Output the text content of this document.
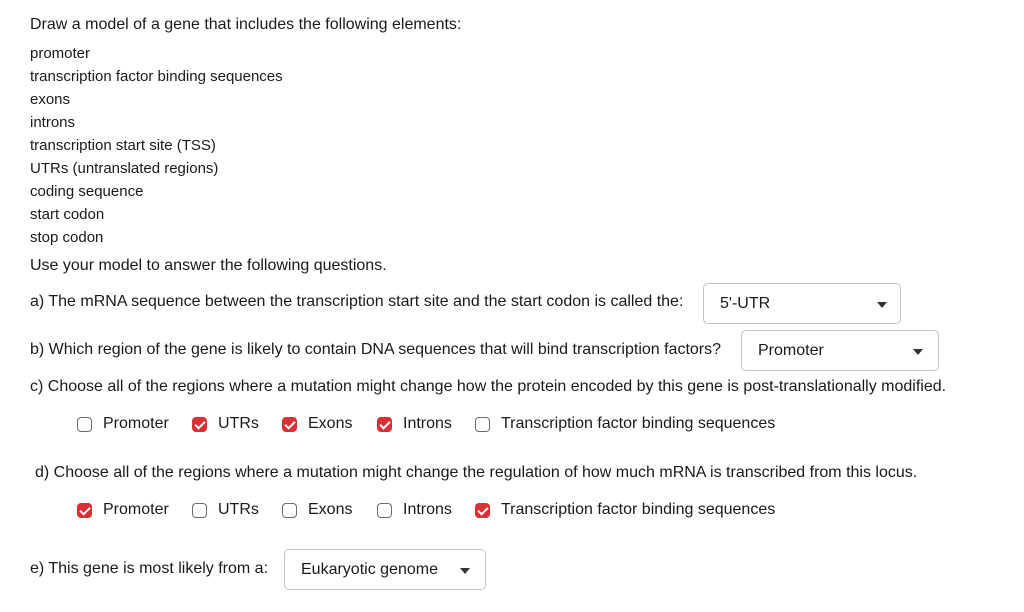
Draw a model of a gene that includes the following elements:
promoter
transcription factor binding sequences
exons
introns
transcription start site (TSS)
UTRs (untranslated regions)
coding sequence
start codon
stop codon
Use your model to answer the following questions.
a) The mRNA sequence between the transcription start site and the start codon is called the: 5'-UTR
b) Which region of the gene is likely to contain DNA sequences that will bind transcription factors? Promoter
c) Choose all of the regions where a mutation might change how the protein encoded by this gene is post-translationally modified.
Promoter	UTRs	Exons	Introns	Transcription factor binding sequences
d) Choose all of the regions where a mutation might change the regulation of how much mRNA is transcribed from this locus.
Promoter	UTRs	Exons	Introns	Transcription factor binding sequences
e) This gene is most likely from a: Eukaryotic genome
